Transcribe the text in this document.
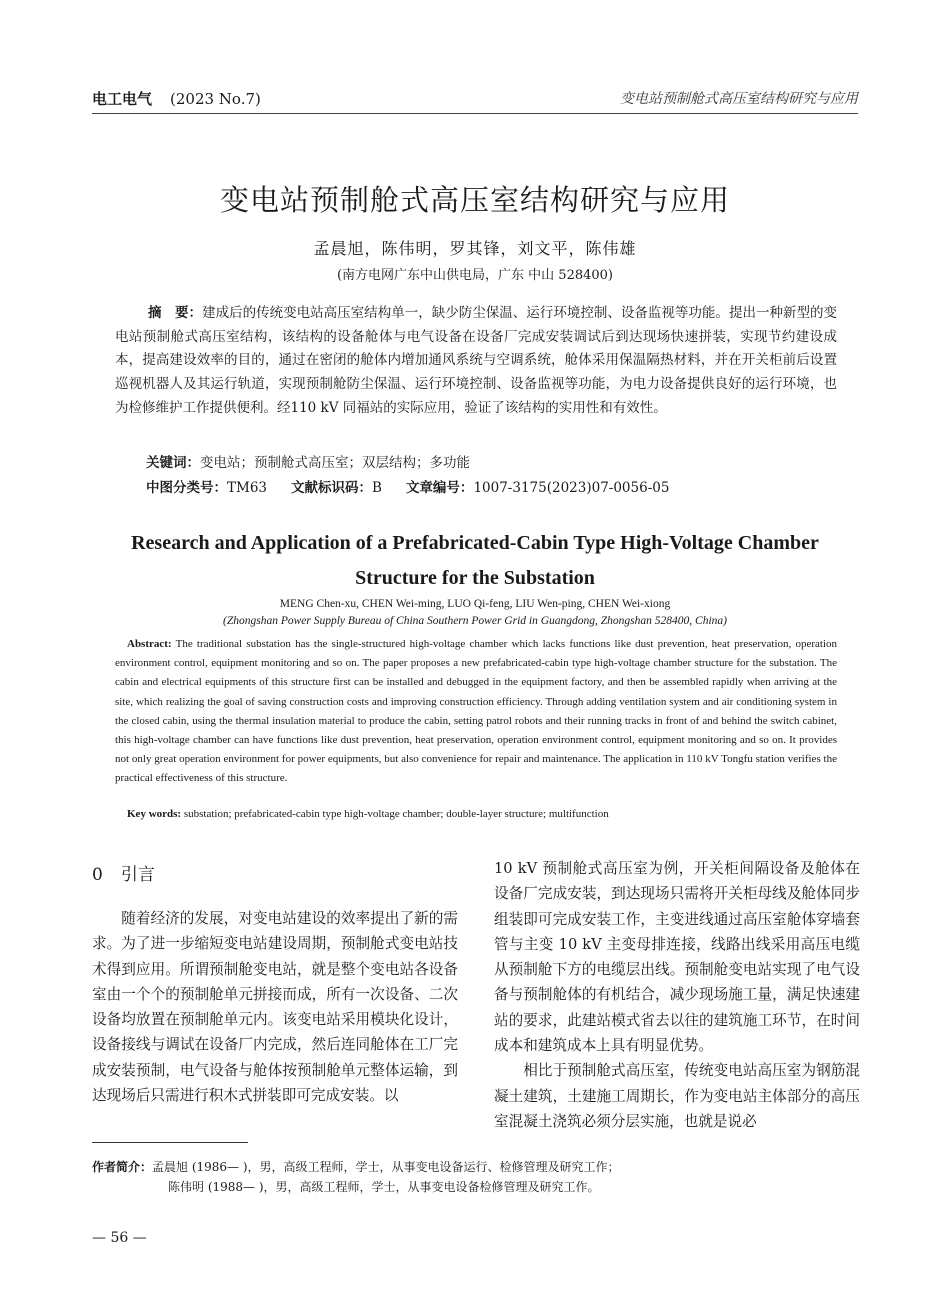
电工电气 (2023 No.7)	变电站预制舱式高压室结构研究与应用
变电站预制舱式高压室结构研究与应用
孟晨旭，陈伟明，罗其锋，刘文平，陈伟雄
(南方电网广东中山供电局，广东 中山 528400)
摘　要：建成后的传统变电站高压室结构单一，缺少防尘保温、运行环境控制、设备监视等功能。提出一种新型的变电站预制舱式高压室结构，该结构的设备舱体与电气设备在设备厂完成安装调试后到达现场快速拼装，实现节约建设成本，提高建设效率的目的，通过在密闭的舱体内增加通风系统与空调系统，舱体采用保温隔热材料，并在开关柜前后设置巡视机器人及其运行轨道，实现预制舱防尘保温、运行环境控制、设备监视等功能，为电力设备提供良好的运行环境，也为检修维护工作提供便利。经110 kV 同福站的实际应用，验证了该结构的实用性和有效性。
关键词：变电站；预制舱式高压室；双层结构；多功能
中图分类号：TM63 文献标识码：B 文章编号：1007-3175(2023)07-0056-05
Research and Application of a Prefabricated-Cabin Type High-Voltage Chamber Structure for the Substation
MENG Chen-xu, CHEN Wei-ming, LUO Qi-feng, LIU Wen-ping, CHEN Wei-xiong
(Zhongshan Power Supply Bureau of China Southern Power Grid in Guangdong, Zhongshan 528400, China)
Abstract: The traditional substation has the single-structured high-voltage chamber which lacks functions like dust prevention, heat preservation, operation environment control, equipment monitoring and so on. The paper proposes a new prefabricated-cabin type high-voltage chamber structure for the substation. The cabin and electrical equipments of this structure first can be installed and debugged in the equipment factory, and then be assembled rapidly when arriving at the site, which realizing the goal of saving construction costs and improving construction efficiency. Through adding ventilation system and air conditioning system in the closed cabin, using the thermal insulation material to produce the cabin, setting patrol robots and their running tracks in front of and behind the switch cabinet, this high-voltage chamber can have functions like dust prevention, heat preservation, operation environment control, equipment monitoring and so on. It provides not only great operation environment for power equipments, but also convenience for repair and maintenance. The application in 110 kV Tongfu station verifies the practical effectiveness of this structure.
Key words: substation; prefabricated-cabin type high-voltage chamber; double-layer structure; multifunction
0 引言

随着经济的发展，对变电站建设的效率提出了新的需求。为了进一步缩短变电站建设周期，预制舱式变电站技术得到应用。所谓预制舱变电站，就是整个变电站各设备室由一个个的预制舱单元拼接而成，所有一次设备、二次设备均放置在预制舱单元内。该变电站采用模块化设计，设备接线与调试在设备厂内完成，然后连同舱体在工厂完成安装预制，电气设备与舱体按预制舱单元整体运输，到达现场后只需进行积木式拼装即可完成安装。以

10 kV 预制舱式高压室为例，开关柜间隔设备及舱体在设备厂完成安装，到达现场只需将开关柜母线及舱体同步组装即可完成安装工作，主变进线通过高压室舱体穿墙套管与主变 10 kV 主变母排连接，线路出线采用高压电缆从预制舱下方的电缆层出线。预制舱变电站实现了电气设备与预制舱体的有机结合，减少现场施工量，满足快速建站的要求，此建站模式省去以往的建筑施工环节，在时间成本和建筑成本上具有明显优势。

相比于预制舱式高压室，传统变电站高压室为钢筋混凝土建筑，土建施工周期长，作为变电站主体部分的高压室混凝土浇筑必须分层实施，也就是说必

作者简介：孟晨旭 (1986— )，男，高级工程师，学士，从事变电设备运行、检修管理及研究工作；
陈伟明 (1988— )，男，高级工程师，学士，从事变电设备检修管理及研究工作。
— 56 —
